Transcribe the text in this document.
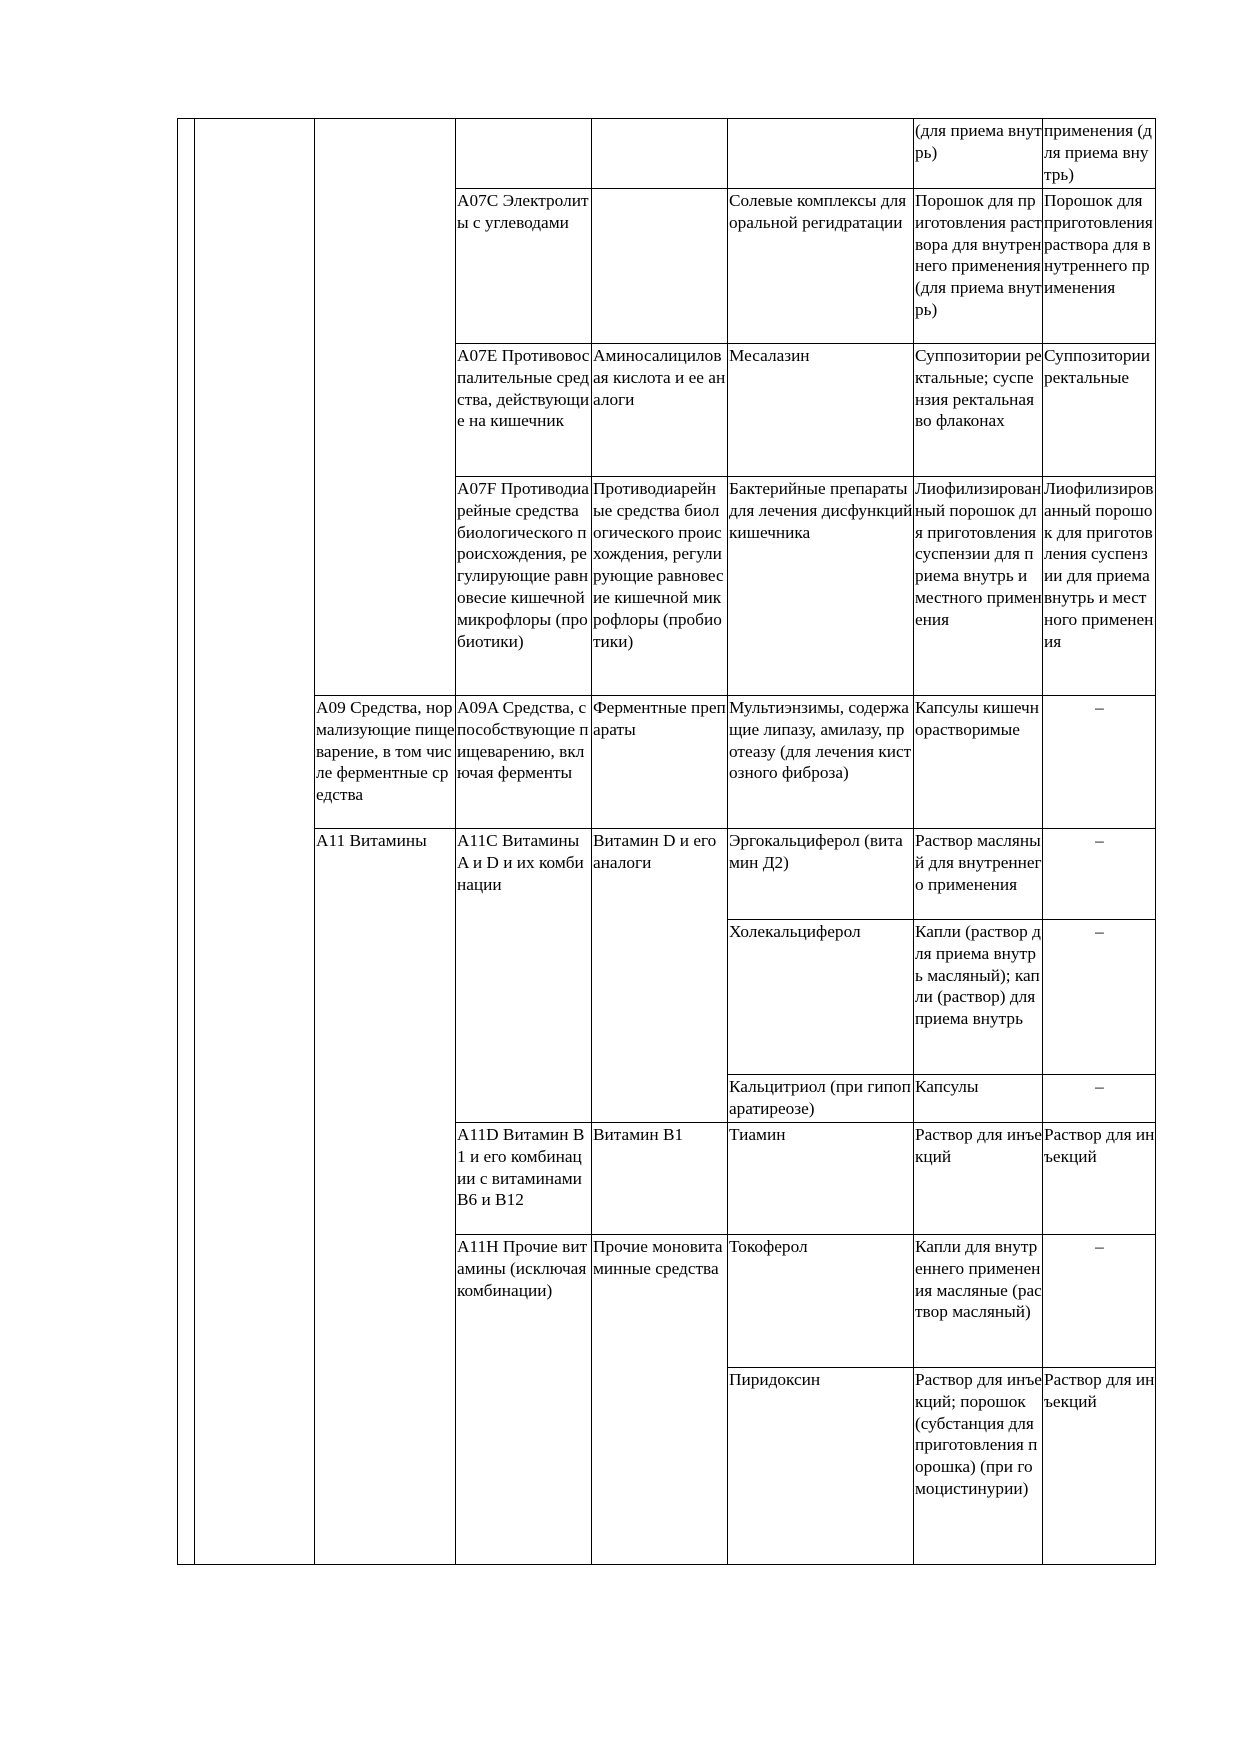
						(для приема внутрь)	применения (для приема внутрь)
			A07C Электролиты с углеводами		Солевые комплексы для оральной регидратации	Порошок для приготовления раствора для внутреннего применения (для приема внутрь)	Порошок для приготовления раствора для внутреннего применения
			A07E Противовоспалительные средства, действующие на кишечник	Аминосалициловая кислота и ее аналоги	Месалазин	Суппозитории ректальные; суспензия ректальная во флаконах	Суппозитории ректальные
			A07F Противодиарейные средства биологического происхождения, регулирующие равновесие кишечной микрофлоры (пробиотики)	Противодиарейные средства биологического происхождения, регулирующие равновесие кишечной микрофлоры (пробиотики)	Бактерийные препараты для лечения дисфункций кишечника	Лиофилизированный порошок для приготовления суспензии для приема внутрь и местного применения	Лиофилизированный порошок для приготовления суспензии для приема внутрь и местного применения
		A09 Средства, нормализующие пищеварение, в том числе ферментные средства	A09A Средства, способствующие пищеварению, включая ферменты	Ферментные препараты	Мультиэнзимы, содержащие липазу, амилазу, протеазу (для лечения кистозного фиброза)	Капсулы кишечнорастворимые	–
		A11 Витамины	A11C Витамины A и D и их комбинации	Витамин D и его аналоги	Эргокальциферол (витамин Д2)	Раствор масляный для внутреннего применения	–
					Холекальциферол	Капли (раствор для приема внутрь масляный); капли (раствор) для приема внутрь	–
					Кальцитриол (при гипопаратиреозе)	Капсулы	–
			A11D Витамин B1 и его комбинации с витаминами B6 и B12	Витамин B1	Тиамин	Раствор для инъекций	Раствор для инъекций
			A11H Прочие витамины (исключая комбинации)	Прочие моновитаминные средства	Токоферол	Капли для внутреннего применения масляные (раствор масляный)	–
					Пиридоксин	Раствор для инъекций; порошок (субстанция для приготовления порошка) (при гомоцистинурии)	Раствор для инъекций
